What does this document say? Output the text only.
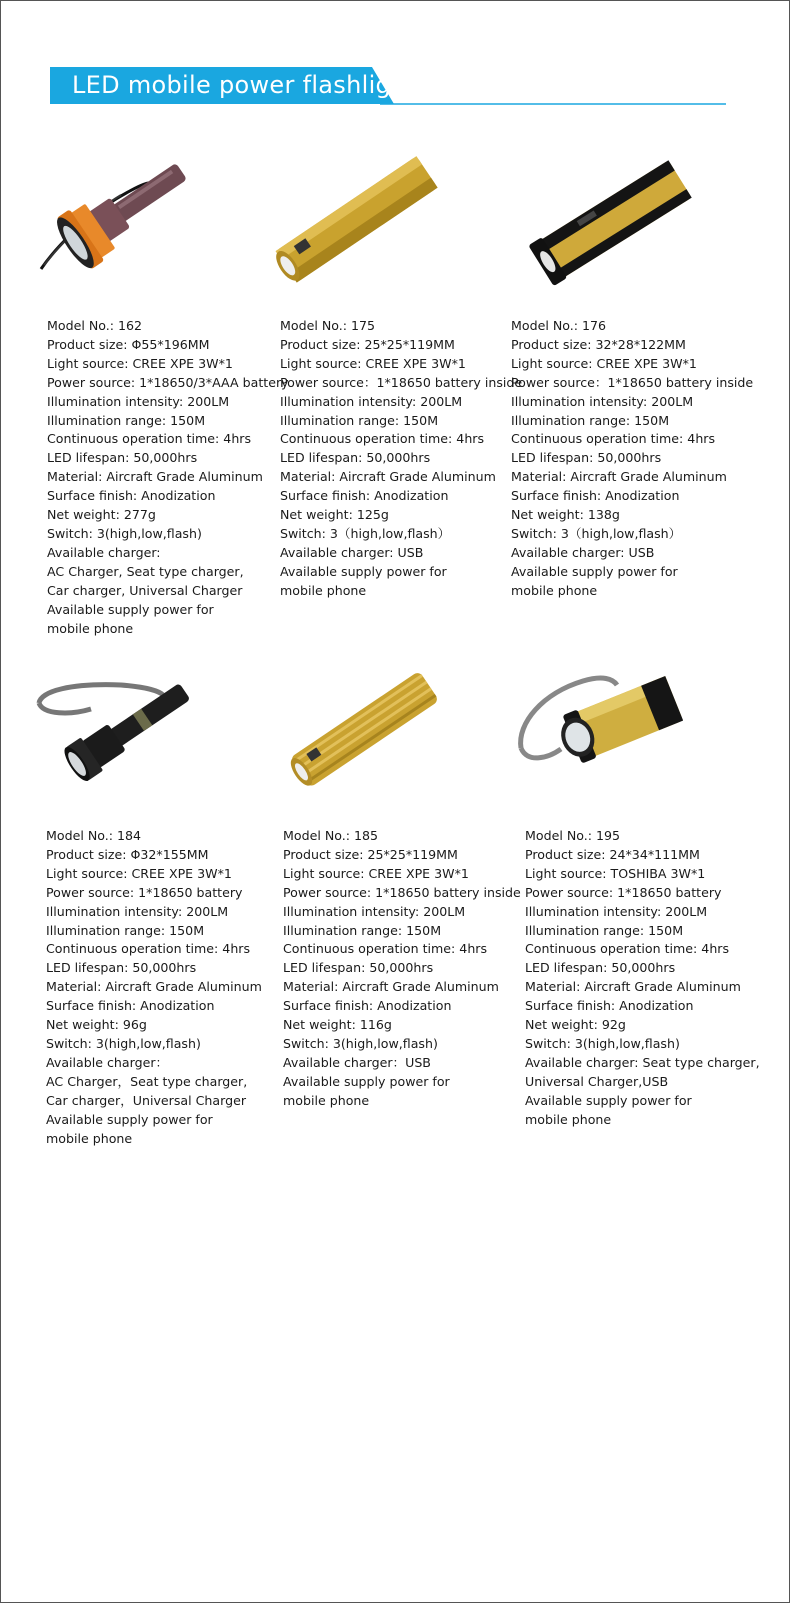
LED mobile power flashlight
Model No.: 162
Product size: Φ55*196MM
Light source: CREE XPE 3W*1
Power source: 1*18650/3*AAA battery
Illumination intensity: 200LM
Illumination range: 150M
Continuous operation time: 4hrs
LED lifespan: 50,000hrs
Material: Aircraft Grade Aluminum
Surface finish: Anodization
Net weight: 277g
Switch: 3(high,low,flash)
Available charger:
AC Charger, Seat type charger,
Car charger, Universal Charger
Available supply power for
mobile phone
Model No.: 175
Product size: 25*25*119MM
Light source: CREE XPE 3W*1
Power source：1*18650 battery inside
Illumination intensity: 200LM
Illumination range: 150M
Continuous operation time: 4hrs
LED lifespan: 50,000hrs
Material: Aircraft Grade Aluminum
Surface finish: Anodization
Net weight: 125g
Switch: 3（high,low,flash）
Available charger: USB
Available supply power for
mobile phone
Model No.: 176
Product size: 32*28*122MM
Light source: CREE XPE 3W*1
Power source：1*18650 battery inside
Illumination intensity: 200LM
Illumination range: 150M
Continuous operation time: 4hrs
LED lifespan: 50,000hrs
Material: Aircraft Grade Aluminum
Surface finish: Anodization
Net weight: 138g
Switch: 3（high,low,flash）
Available charger: USB
Available supply power for
mobile phone
Model No.: 184
Product size: Φ32*155MM
Light source: CREE XPE 3W*1
Power source: 1*18650 battery
Illumination intensity: 200LM
Illumination range: 150M
Continuous operation time: 4hrs
LED lifespan: 50,000hrs
Material: Aircraft Grade Aluminum
Surface finish: Anodization
Net weight: 96g
Switch: 3(high,low,flash)
Available charger：
AC Charger，Seat type charger,
Car charger，Universal Charger
Available supply power for
mobile phone
Model No.: 185
Product size: 25*25*119MM
Light source: CREE XPE 3W*1
Power source: 1*18650 battery inside
Illumination intensity: 200LM
Illumination range: 150M
Continuous operation time: 4hrs
LED lifespan: 50,000hrs
Material: Aircraft Grade Aluminum
Surface finish: Anodization
Net weight: 116g
Switch: 3(high,low,flash)
Available charger：USB
Available supply power for
mobile phone
Model No.: 195
Product size: 24*34*111MM
Light source: TOSHIBA 3W*1
Power source: 1*18650 battery
Illumination intensity: 200LM
Illumination range: 150M
Continuous operation time: 4hrs
LED lifespan: 50,000hrs
Material: Aircraft Grade Aluminum
Surface finish: Anodization
Net weight: 92g
Switch: 3(high,low,flash)
Available charger: Seat type charger,
Universal Charger,USB
Available supply power for
mobile phone
